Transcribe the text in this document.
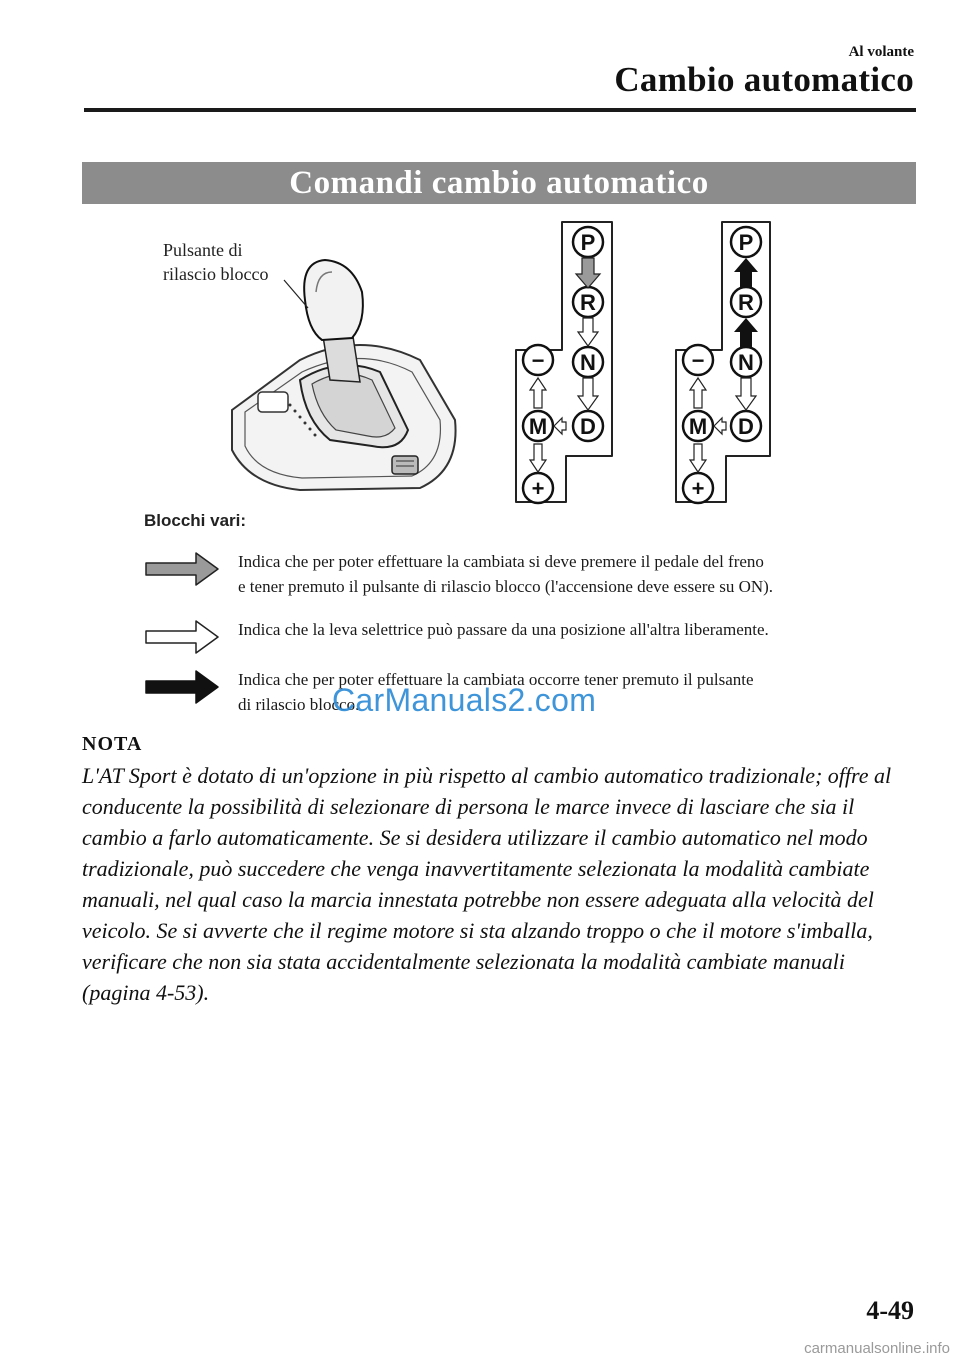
Al volante
Cambio automatico
Comandi cambio automatico
Pulsante di
rilascio blocco
P
R
N
D
M
−
+
P
R
N
D
M
−
+
Blocchi vari:
Indica che per poter effettuare la cambiata si deve premere il pedale del freno
e tener premuto il pulsante di rilascio blocco (l'accensione deve essere su ON).
Indica che la leva selettrice può passare da una posizione all'altra liberamente.
Indica che per poter effettuare la cambiata occorre tener premuto il pulsante
di rilascio blocco.
CarManuals2.com
NOTA
L'AT Sport è dotato di un'opzione in più rispetto al cambio automatico tradizionale; offre al conducente la possibilità di selezionare di persona le marce invece di lasciare che sia il cambio a farlo automaticamente. Se si desidera utilizzare il cambio automatico nel modo tradizionale, può succedere che venga inavvertitamente selezionata la modalità cambiate manuali, nel qual caso la marcia innestata potrebbe non essere adeguata alla velocità del veicolo. Se si avverte che il regime motore si sta alzando troppo o che il motore s'imballa, verificare che non sia stata accidentalmente selezionata la modalità cambiate manuali (pagina 4-53).
4-49
carmanualsonline.info
